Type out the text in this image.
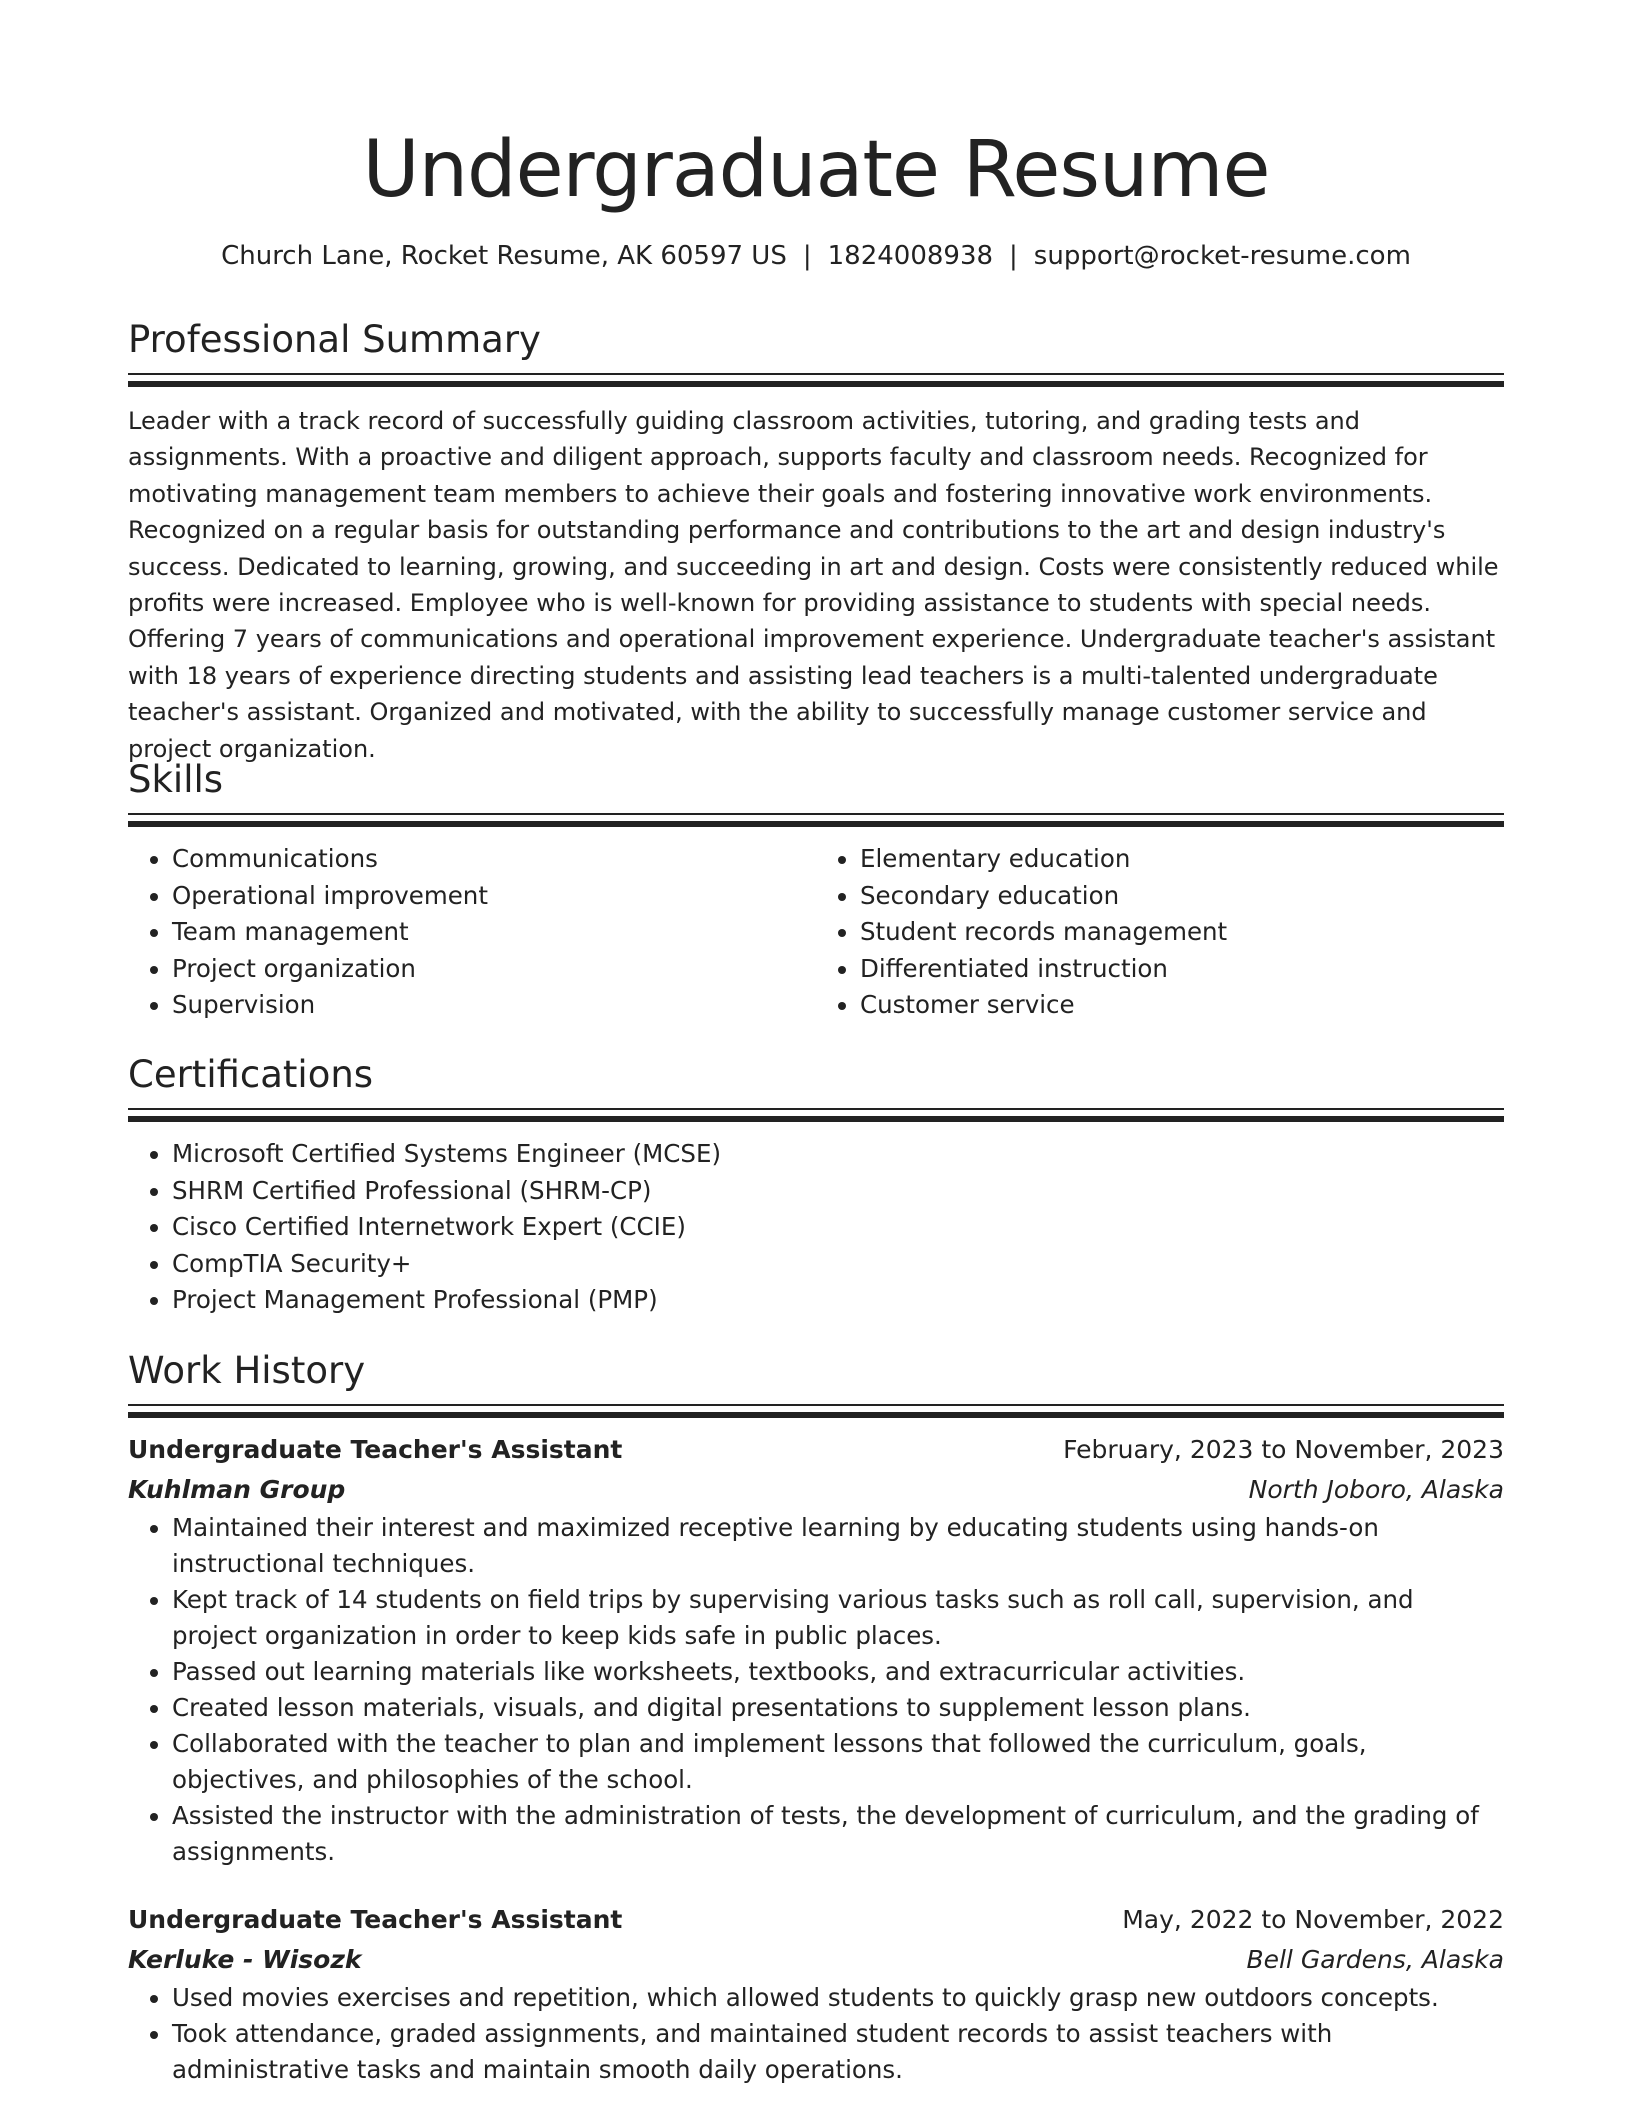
Undergraduate Resume
Church Lane, Rocket Resume, AK 60597 US | 1824008938 | support@rocket-resume.com
Professional Summary
Leader with a track record of successfully guiding classroom activities, tutoring, and grading tests and assignments. With a proactive and diligent approach, supports faculty and classroom needs. Recognized for motivating management team members to achieve their goals and fostering innovative work environments. Recognized on a regular basis for outstanding performance and contributions to the art and design industry's success. Dedicated to learning, growing, and succeeding in art and design. Costs were consistently reduced while profits were increased. Employee who is well-known for providing assistance to students with special needs. Offering 7 years of communications and operational improvement experience. Undergraduate teacher's assistant with 18 years of experience directing students and assisting lead teachers is a multi-talented undergraduate teacher's assistant. Organized and motivated, with the ability to successfully manage customer service and project organization.
Skills
• Communications
• Operational improvement
• Team management
• Project organization
• Supervision
• Elementary education
• Secondary education
• Student records management
• Differentiated instruction
• Customer service
Certifications
• Microsoft Certified Systems Engineer (MCSE)
• SHRM Certified Professional (SHRM-CP)
• Cisco Certified Internetwork Expert (CCIE)
• CompTIA Security+
• Project Management Professional (PMP)
Work History
Undergraduate Teacher's Assistant	February, 2023 to November, 2023
Kuhlman Group	North Joboro, Alaska
• Maintained their interest and maximized receptive learning by educating students using hands-on instructional techniques.
• Kept track of 14 students on field trips by supervising various tasks such as roll call, supervision, and project organization in order to keep kids safe in public places.
• Passed out learning materials like worksheets, textbooks, and extracurricular activities.
• Created lesson materials, visuals, and digital presentations to supplement lesson plans.
• Collaborated with the teacher to plan and implement lessons that followed the curriculum, goals, objectives, and philosophies of the school.
• Assisted the instructor with the administration of tests, the development of curriculum, and the grading of assignments.
Undergraduate Teacher's Assistant	May, 2022 to November, 2022
Kerluke - Wisozk	Bell Gardens, Alaska
• Used movies exercises and repetition, which allowed students to quickly grasp new outdoors concepts.
• Took attendance, graded assignments, and maintained student records to assist teachers with administrative tasks and maintain smooth daily operations.
